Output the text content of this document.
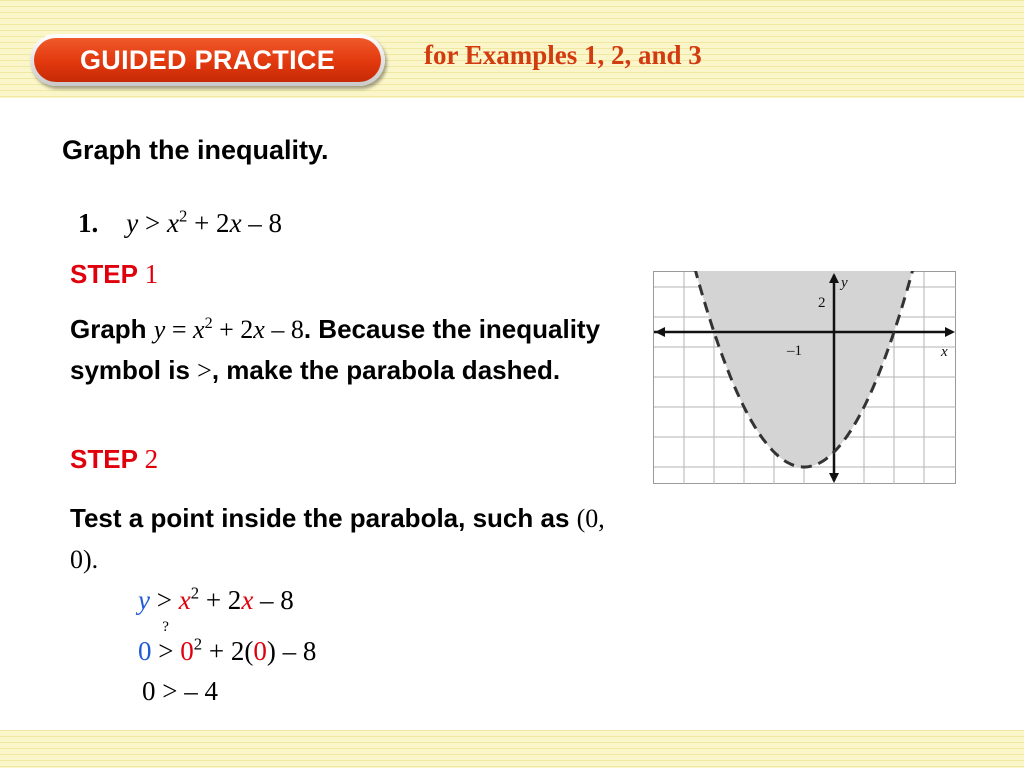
GUIDED PRACTICE	for Examples 1, 2, and 3
Graph the inequality.
1. $y > x^2 + 2x - 8$
STEP 1
Graph $y = x^2 + 2x - 8$. Because the inequality symbol is >, make the parabola dashed.
STEP 2
Test a point inside the parabola, such as (0, 0).
$y > x^2 + 2x - 8$
0
?
> $0^2 + 2(0) - 8$
0 > – 4
y
x
2
–1
